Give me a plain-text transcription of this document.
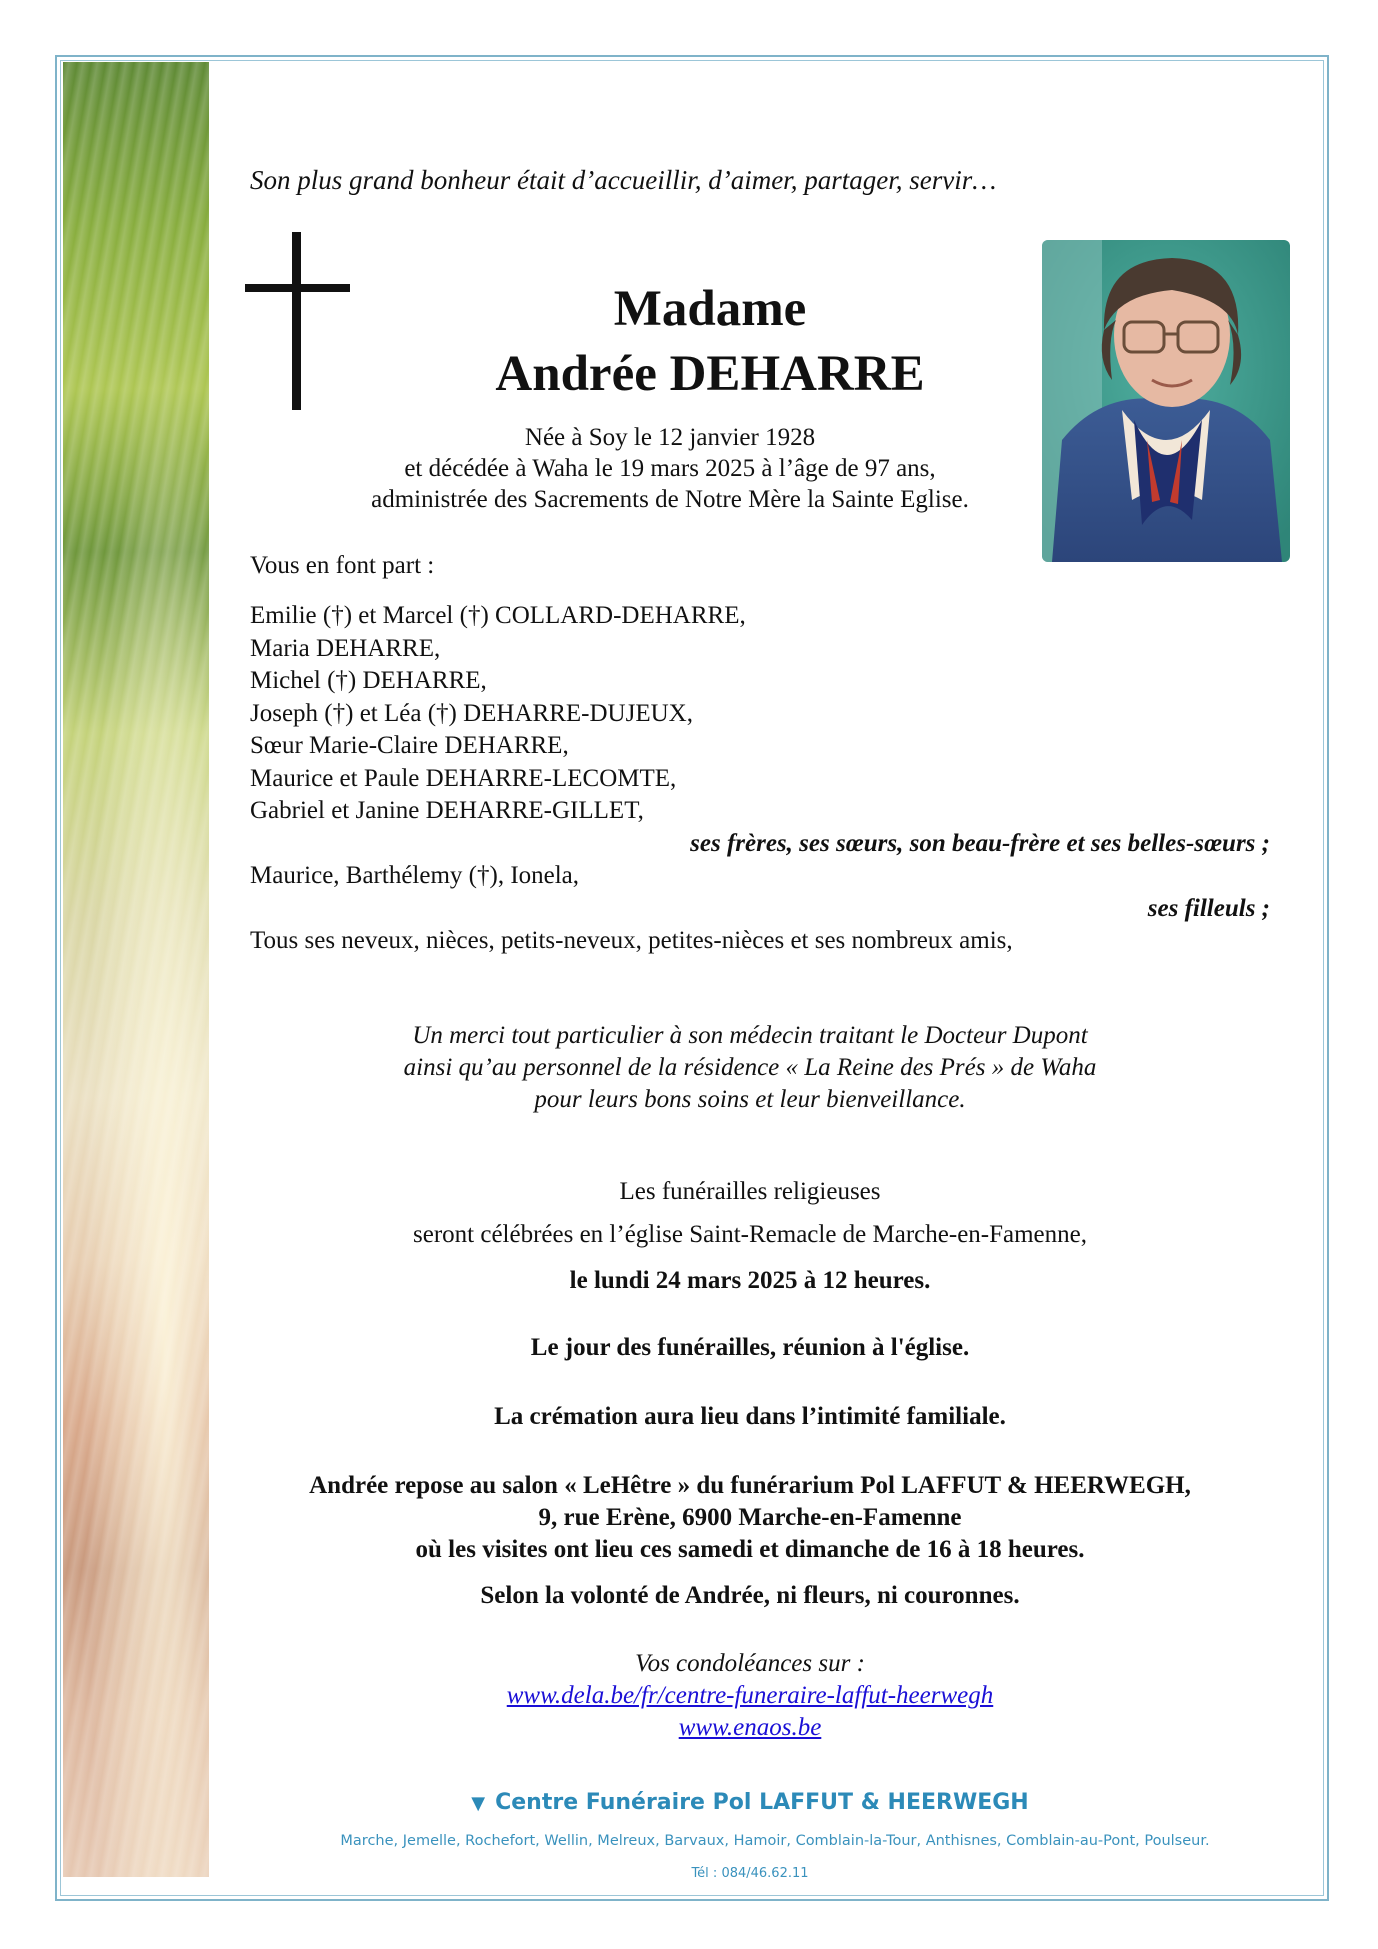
Son plus grand bonheur était d’accueillir, d’aimer, partager, servir…
Madame
Andrée DEHARRE
Née à Soy le 12 janvier 1928
et décédée à Waha le 19 mars 2025 à l’âge de 97 ans,
administrée des Sacrements de Notre Mère la Sainte Eglise.
Vous en font part :
Emilie (†) et Marcel (†) COLLARD-DEHARRE,
Maria DEHARRE,
Michel (†) DEHARRE,
Joseph (†) et Léa (†) DEHARRE-DUJEUX,
Sœur Marie-Claire DEHARRE,
Maurice et Paule DEHARRE-LECOMTE,
Gabriel et Janine DEHARRE-GILLET,
ses frères, ses sœurs, son beau-frère et ses belles-sœurs ;
Maurice, Barthélemy (†), Ionela,
ses filleuls ;
Tous ses neveux, nièces, petits-neveux, petites-nièces et ses nombreux amis,
Un merci tout particulier à son médecin traitant le Docteur Dupont
ainsi qu’au personnel de la résidence « La Reine des Prés » de Waha
pour leurs bons soins et leur bienveillance.
Les funérailles religieuses
seront célébrées en l’église Saint-Remacle de Marche-en-Famenne,
le lundi 24 mars 2025 à 12 heures.
Le jour des funérailles, réunion à l'église.
La crémation aura lieu dans l’intimité familiale.
Andrée repose au salon « LeHêtre » du funérarium Pol LAFFUT & HEERWEGH,
9, rue Erène, 6900 Marche-en-Famenne
où les visites ont lieu ces samedi et dimanche de 16 à 18 heures.
Selon la volonté de Andrée, ni fleurs, ni couronnes.
Vos condoléances sur :
www.dela.be/fr/centre-funeraire-laffut-heerwegh
www.enaos.be
▼ Centre Funéraire Pol LAFFUT & HEERWEGH
Marche, Jemelle, Rochefort, Wellin, Melreux, Barvaux, Hamoir, Comblain-la-Tour, Anthisnes, Comblain-au-Pont, Poulseur.
Tél : 084/46.62.11
